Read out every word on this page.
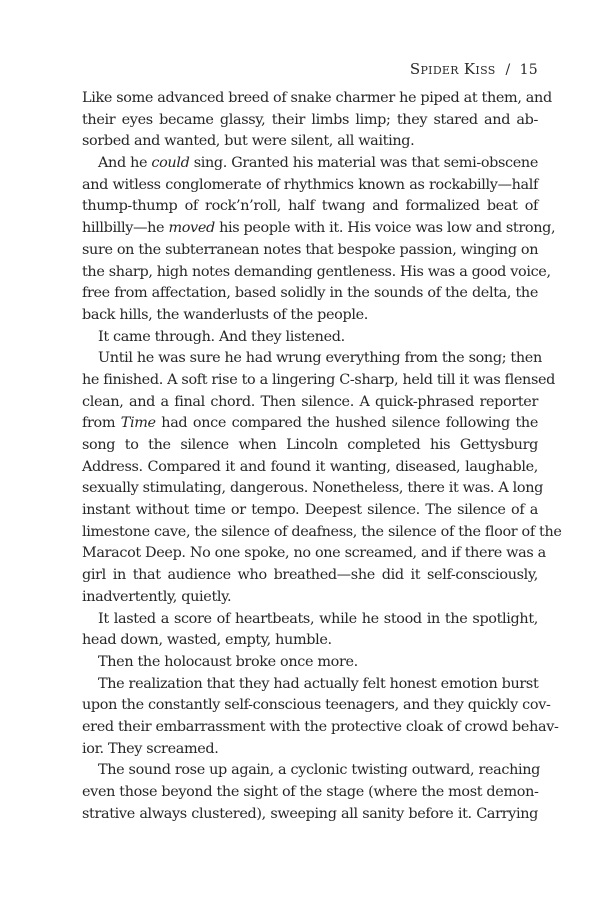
Spider Kiss / 15
Like some advanced breed of snake charmer he piped at them, and
their eyes became glassy, their limbs limp; they stared and ab-
sorbed and wanted, but were silent, all waiting.
And he could sing. Granted his material was that semi-obscene
and witless conglomerate of rhythmics known as rockabilly—half
thump-thump of rock’n’roll, half twang and formalized beat of
hillbilly—he moved his people with it. His voice was low and strong,
sure on the subterranean notes that bespoke passion, winging on
the sharp, high notes demanding gentleness. His was a good voice,
free from affectation, based solidly in the sounds of the delta, the
back hills, the wanderlusts of the people.
It came through. And they listened.
Until he was sure he had wrung everything from the song; then
he finished. A soft rise to a lingering C-sharp, held till it was flensed
clean, and a final chord. Then silence. A quick-phrased reporter
from Time had once compared the hushed silence following the
song to the silence when Lincoln completed his Gettysburg
Address. Compared it and found it wanting, diseased, laughable,
sexually stimulating, dangerous. Nonetheless, there it was. A long
instant without time or tempo. Deepest silence. The silence of a
limestone cave, the silence of deafness, the silence of the floor of the
Maracot Deep. No one spoke, no one screamed, and if there was a
girl in that audience who breathed—she did it self-consciously,
inadvertently, quietly.
It lasted a score of heartbeats, while he stood in the spotlight,
head down, wasted, empty, humble.
Then the holocaust broke once more.
The realization that they had actually felt honest emotion burst
upon the constantly self-conscious teenagers, and they quickly cov-
ered their embarrassment with the protective cloak of crowd behav-
ior. They screamed.
The sound rose up again, a cyclonic twisting outward, reaching
even those beyond the sight of the stage (where the most demon-
strative always clustered), sweeping all sanity before it. Carrying
